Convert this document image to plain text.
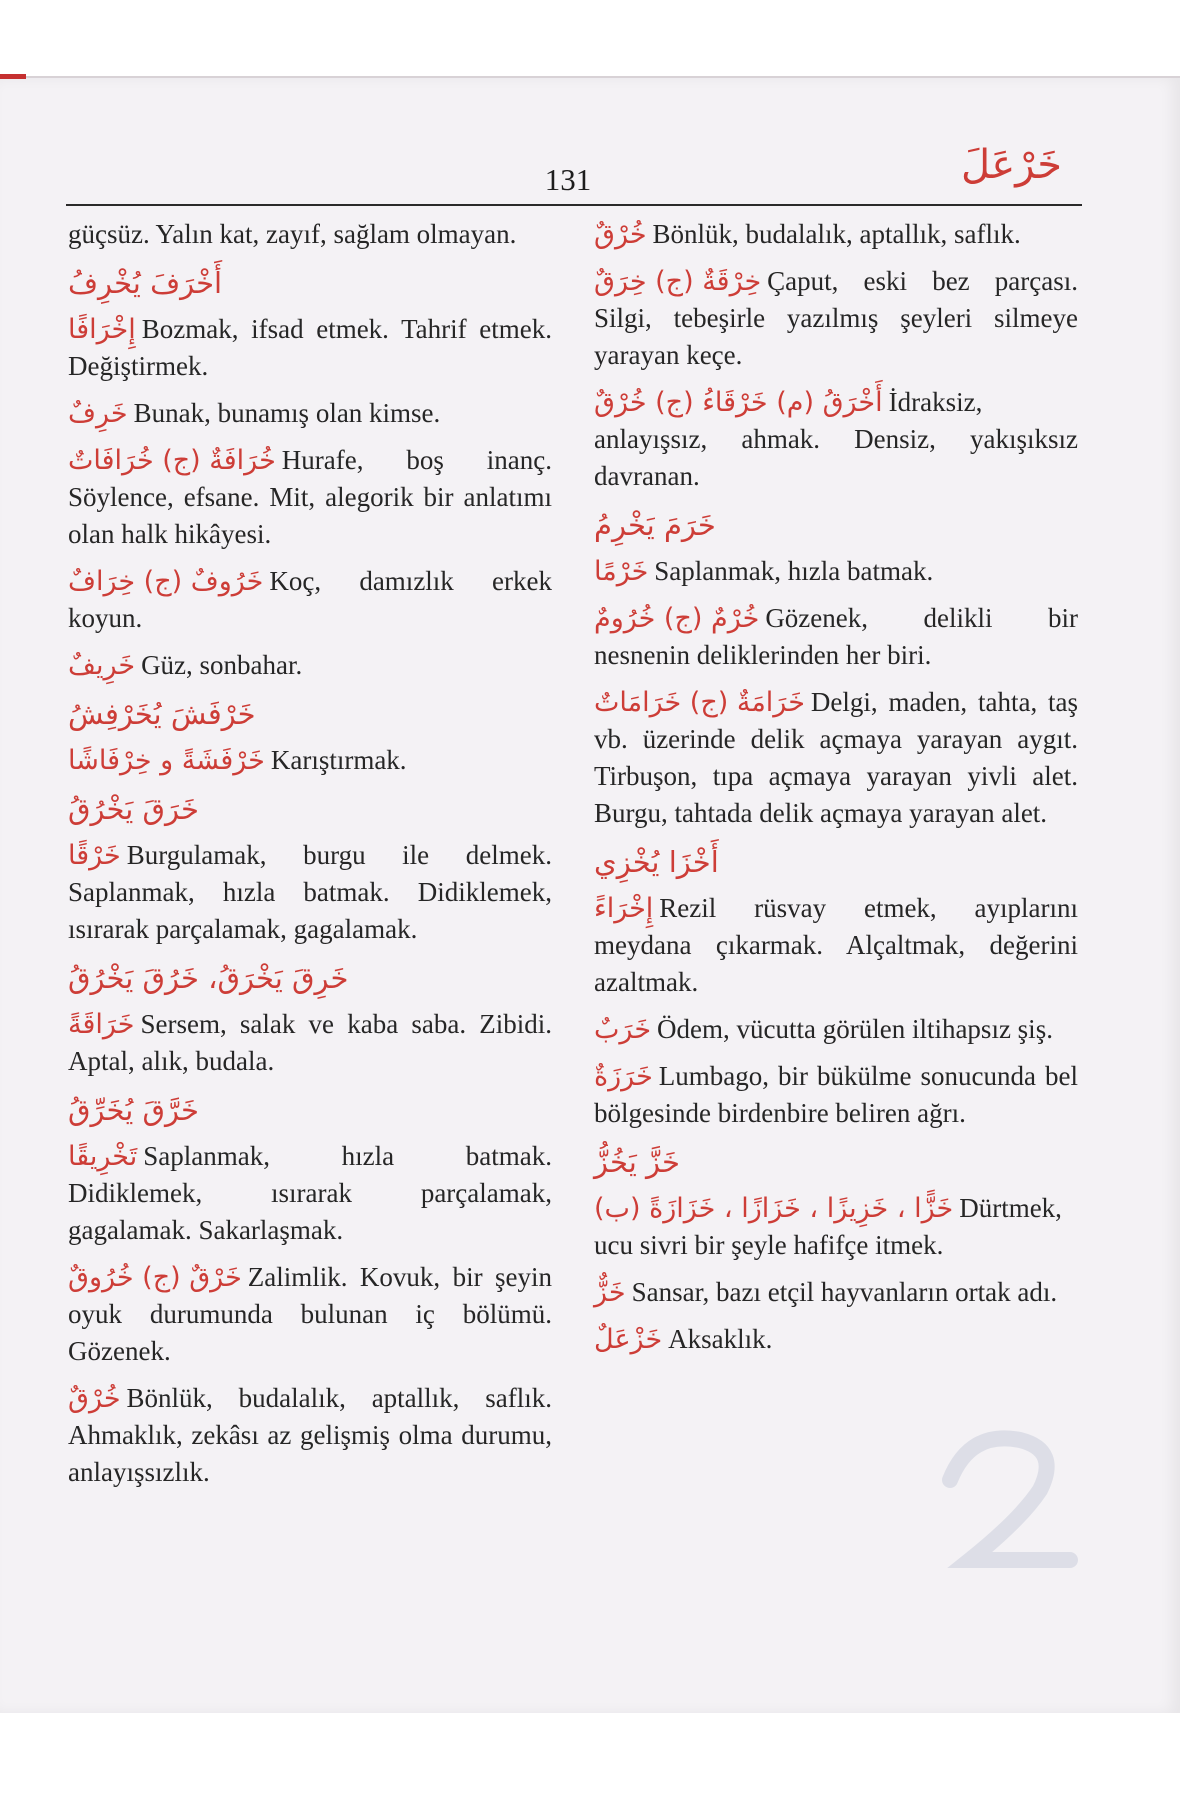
خَرْعَلَ
131
güçsüz. Yalın kat, zayıf, sağlam olmayan.
أَخْرَفَ يُخْرِفُ
إِخْرَافًا Bozmak, ifsad etmek. Tahrif etmek. Değiştirmek.
خَرِفٌ Bunak, bunamış olan kimse.
خُرَافَةٌ (ج) خُرَافَاتٌ Hurafe, boş inanç. Söylence, efsane. Mit, alegorik bir anlatımı olan halk hikâyesi.
خَرُوفٌ (ج) خِرَافٌ Koç, damızlık erkek koyun.
خَرِيفٌ Güz, sonbahar.
خَرْفَشَ يُخَرْفِشُ
خَرْفَشَةً و خِرْفَاشًا Karıştırmak.
خَرَقَ يَخْرُقُ
خَرْقًا Burgulamak, burgu ile delmek. Saplanmak, hızla batmak. Didiklemek, ısırarak parçalamak, gagalamak.
خَرِقَ يَخْرَقُ، خَرُقَ يَخْرُقُ
خَرَاقَةً Sersem, salak ve kaba saba. Zibidi. Aptal, alık, budala.
خَرَّقَ يُخَرِّقُ
تَخْرِيقًا Saplanmak, hızla batmak. Didiklemek, ısırarak parçalamak, gagalamak. Sakarlaşmak.
خَرْقٌ (ج) خُرُوقٌ Zalimlik. Kovuk, bir şeyin oyuk durumunda bulunan iç bölümü. Gözenek.
خُرْقٌ Bönlük, budalalık, aptallık, saflık. Ahmaklık, zekâsı az gelişmiş olma durumu, anlayışsızlık.
خُرْقٌ Bönlük, budalalık, aptallık, saflık.
خِرْقَةٌ (ج) خِرَقٌ Çaput, eski bez parçası. Silgi, tebeşirle yazılmış şeyleri silmeye yarayan keçe.
أَخْرَقُ (م) خَرْقَاءُ (ج) خُرْقٌ İdraksiz, anlayışsız, ahmak. Densiz, yakışıksız davranan.
خَرَمَ يَخْرِمُ
خَرْمًا Saplanmak, hızla batmak.
خُرْمٌ (ج) خُرُومٌ Gözenek, delikli bir nesnenin deliklerinden her biri.
خَرَامَةٌ (ج) خَرَامَاتٌ Delgi, maden, tahta, taş vb. üzerinde delik açmaya yarayan aygıt. Tirbuşon, tıpa açmaya yarayan yivli alet. Burgu, tahtada delik açmaya yarayan alet.
أَخْزَا يُخْزِي
إِخْرَاءً Rezil rüsvay etmek, ayıplarını meydana çıkarmak. Alçaltmak, değerini azaltmak.
خَرَبٌ Ödem, vücutta görülen iltihapsız şiş.
خَرَزَةٌ Lumbago, bir bükülme sonucunda bel bölgesinde birdenbire beliren ağrı.
خَزَّ يَخُزُّ
خَزًّا ، خَزِيزًا ، خَزَازًا ، خَزَازَةً (ب) Dürtmek, ucu sivri bir şeyle hafifçe itmek.
خَزٌّ Sansar, bazı etçil hayvanların ortak adı.
خَزْعَلٌ Aksaklık.
